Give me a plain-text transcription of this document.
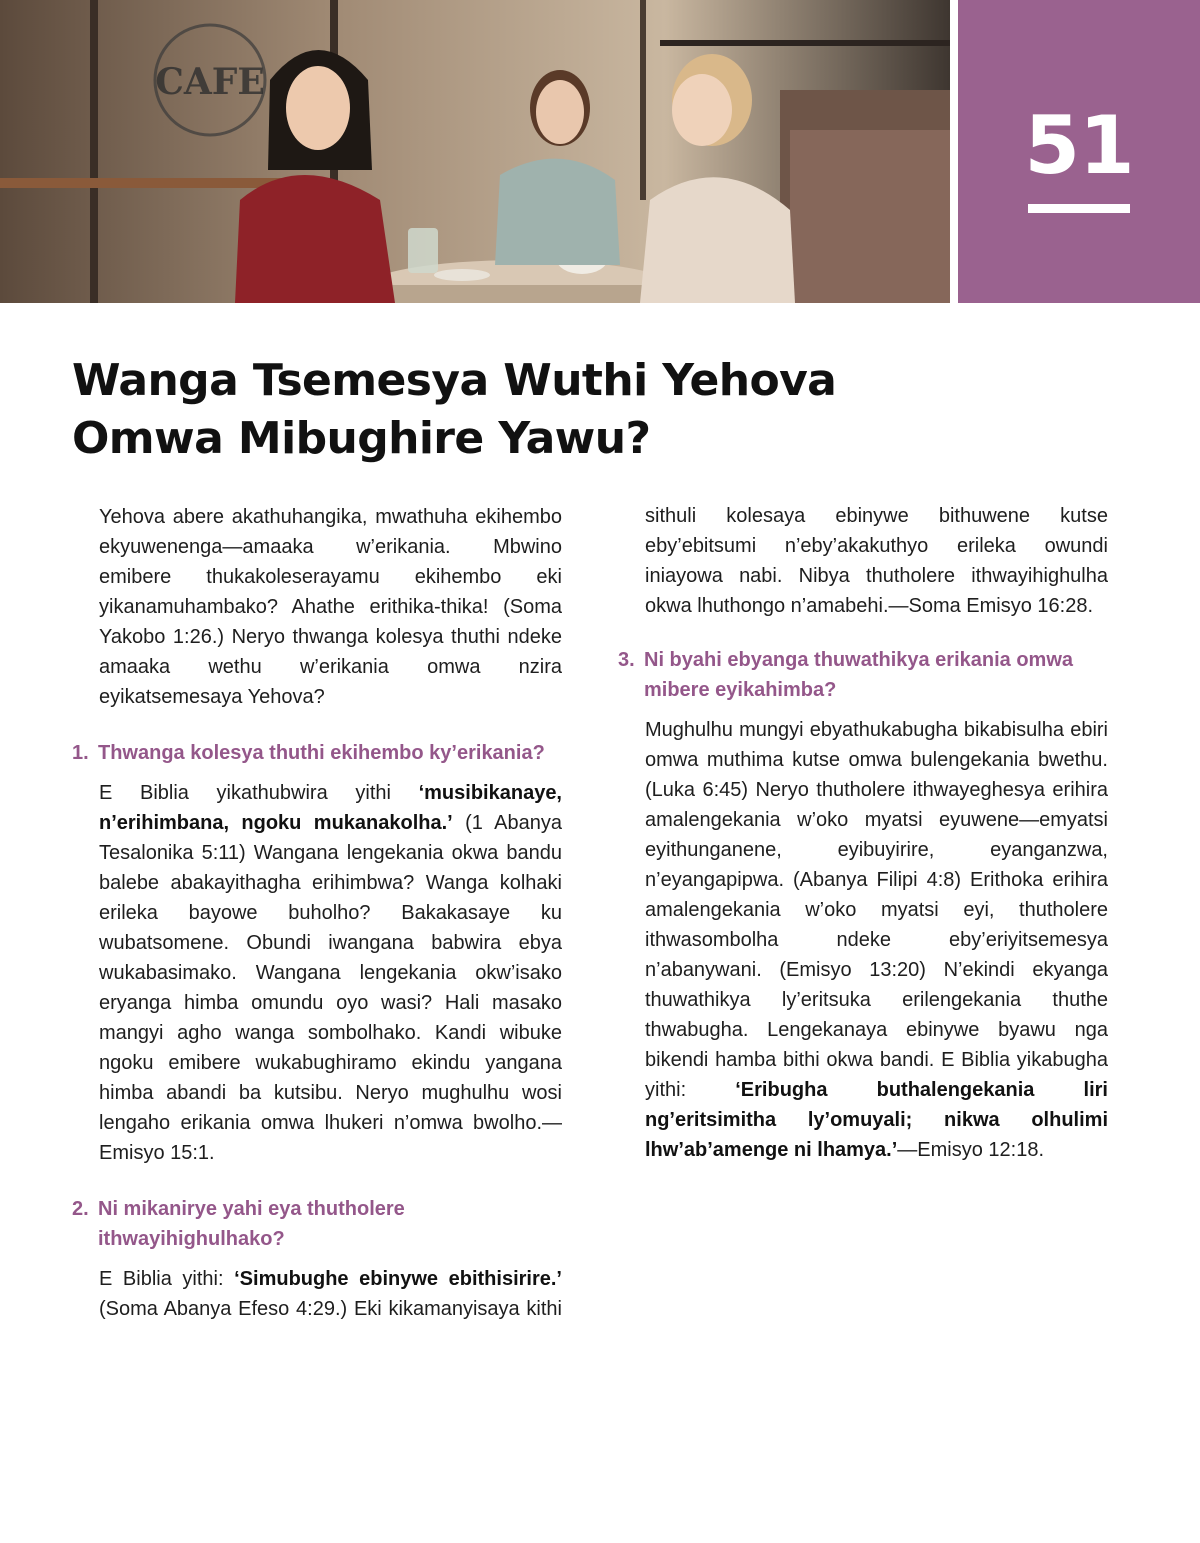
CAFE
51
Wanga Tsemesya Wuthi Yehova
Omwa Mibughire Yawu?

Yehova abere akathuhangika, mwathuha ekihembo ekyuwenenga—amaaka w’erikania. Mbwino emibere thukakoleserayamu ekihembo eki yikanamuhambako? Ahathe erithika-thika! (Soma Yakobo 1:26.) Neryo thwanga kolesya thuthi ndeke amaaka wethu w’erikania omwa nzira eyikatsemesaya Yehova?

1. Thwanga kolesya thuthi ekihembo ky’erikania?

E Biblia yikathubwira yithi ‘musibikanaye, n’erihimbana, ngoku mukanakolha.’ (1 Abanya Tesalonika 5:11) Wangana lengekania okwa bandu balebe abakayithagha erihimbwa? Wanga kolhaki erileka bayowe buholho? Bakakasaye ku wubatsomene. Obundi iwangana babwira ebya wukabasimako. Wangana lengekania okw’isako eryanga himba omundu oyo wasi? Hali masako mangyi agho wanga sombolhako. Kandi wibuke ngoku emibere wukabughiramo ekindu yangana himba abandi ba kutsibu. Neryo mughulhu wosi lengaho erikania omwa lhukeri n’omwa bwolho.—Emisyo 15:1.

2. Ni mikanirye yahi eya thutholere ithwayihighulhako?

E Biblia yithi: ‘Simubughe ebinywe ebithisirire.’ (Soma Abanya Efeso 4:29.) Eki kikamanyisaya kithi

sithuli kolesaya ebinywe bithuwene kutse eby’ebitsumi n’eby’akakuthyo erileka owundi iniayowa nabi. Nibya thutholere ithwayihighulha okwa lhuthongo n’amabehi.—Soma Emisyo 16:28.

3. Ni byahi ebyanga thuwathikya erikania omwa mibere eyikahimba?

Mughulhu mungyi ebyathukabugha bikabisulha ebiri omwa muthima kutse omwa bulengekania bwethu. (Luka 6:45) Neryo thutholere ithwayeghesya erihira amalengekania w’oko myatsi eyuwene—emyatsi eyithunganene, eyibuyirire, eyanganzwa, n’eyangapipwa. (Abanya Filipi 4:8) Erithoka erihira amalengekania w’oko myatsi eyi, thutholere ithwasombolha ndeke eby’eriyitsemesya n’abanywani. (Emisyo 13:20) N’ekindi ekyanga thuwathikya ly’eritsuka erilengekania thuthe thwabugha. Lengekanaya ebinywe byawu nga bikendi hamba bithi okwa bandi. E Biblia yikabugha yithi: ‘Eribugha buthalengekania liri ng’eritsimitha ly’omuyali; nikwa olhulimi lhw’ab’amenge ni lhamya.’—Emisyo 12:18.
